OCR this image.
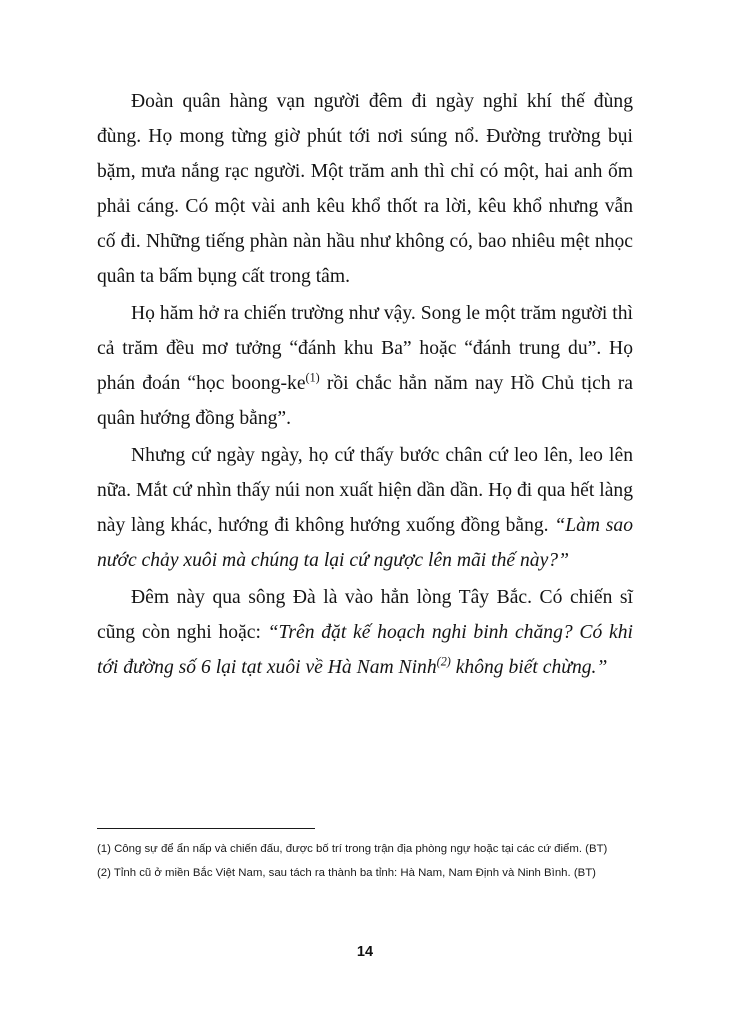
Đoàn quân hàng vạn người đêm đi ngày nghỉ khí thế đùng đùng. Họ mong từng giờ phút tới nơi súng nổ. Đường trường bụi bặm, mưa nắng rạc người. Một trăm anh thì chỉ có một, hai anh ốm phải cáng. Có một vài anh kêu khổ thốt ra lời, kêu khổ nhưng vẫn cố đi. Những tiếng phàn nàn hầu như không có, bao nhiêu mệt nhọc quân ta bấm bụng cất trong tâm.

Họ hăm hở ra chiến trường như vậy. Song le một trăm người thì cả trăm đều mơ tưởng “đánh khu Ba” hoặc “đánh trung du”. Họ phán đoán “học boong-$ke^{(1)}$ rồi chắc hẳn năm nay Hồ Chủ tịch ra quân hướng đồng bằng”.

Nhưng cứ ngày ngày, họ cứ thấy bước chân cứ leo lên, leo lên nữa. Mắt cứ nhìn thấy núi non xuất hiện dần dần. Họ đi qua hết làng này làng khác, hướng đi không hướng xuống đồng bằng. “Làm sao nước chảy xuôi mà chúng ta lại cứ ngược lên mãi thế này?”

Đêm này qua sông Đà là vào hẳn lòng Tây Bắc. Có chiến sĩ cũng còn nghi hoặc: “Trên đặt kế hoạch nghi binh chăng? Có khi tới đường số 6 lại tạt xuôi về Hà Nam Ninh$^{(2)}$ không biết chừng.”

(1) Công sự để ẩn nấp và chiến đấu, được bố trí trong trận địa phòng ngự hoặc tại các cứ điểm. (BT)

(2) Tỉnh cũ ở miền Bắc Việt Nam, sau tách ra thành ba tỉnh: Hà Nam, Nam Định và Ninh Bình. (BT)

14
